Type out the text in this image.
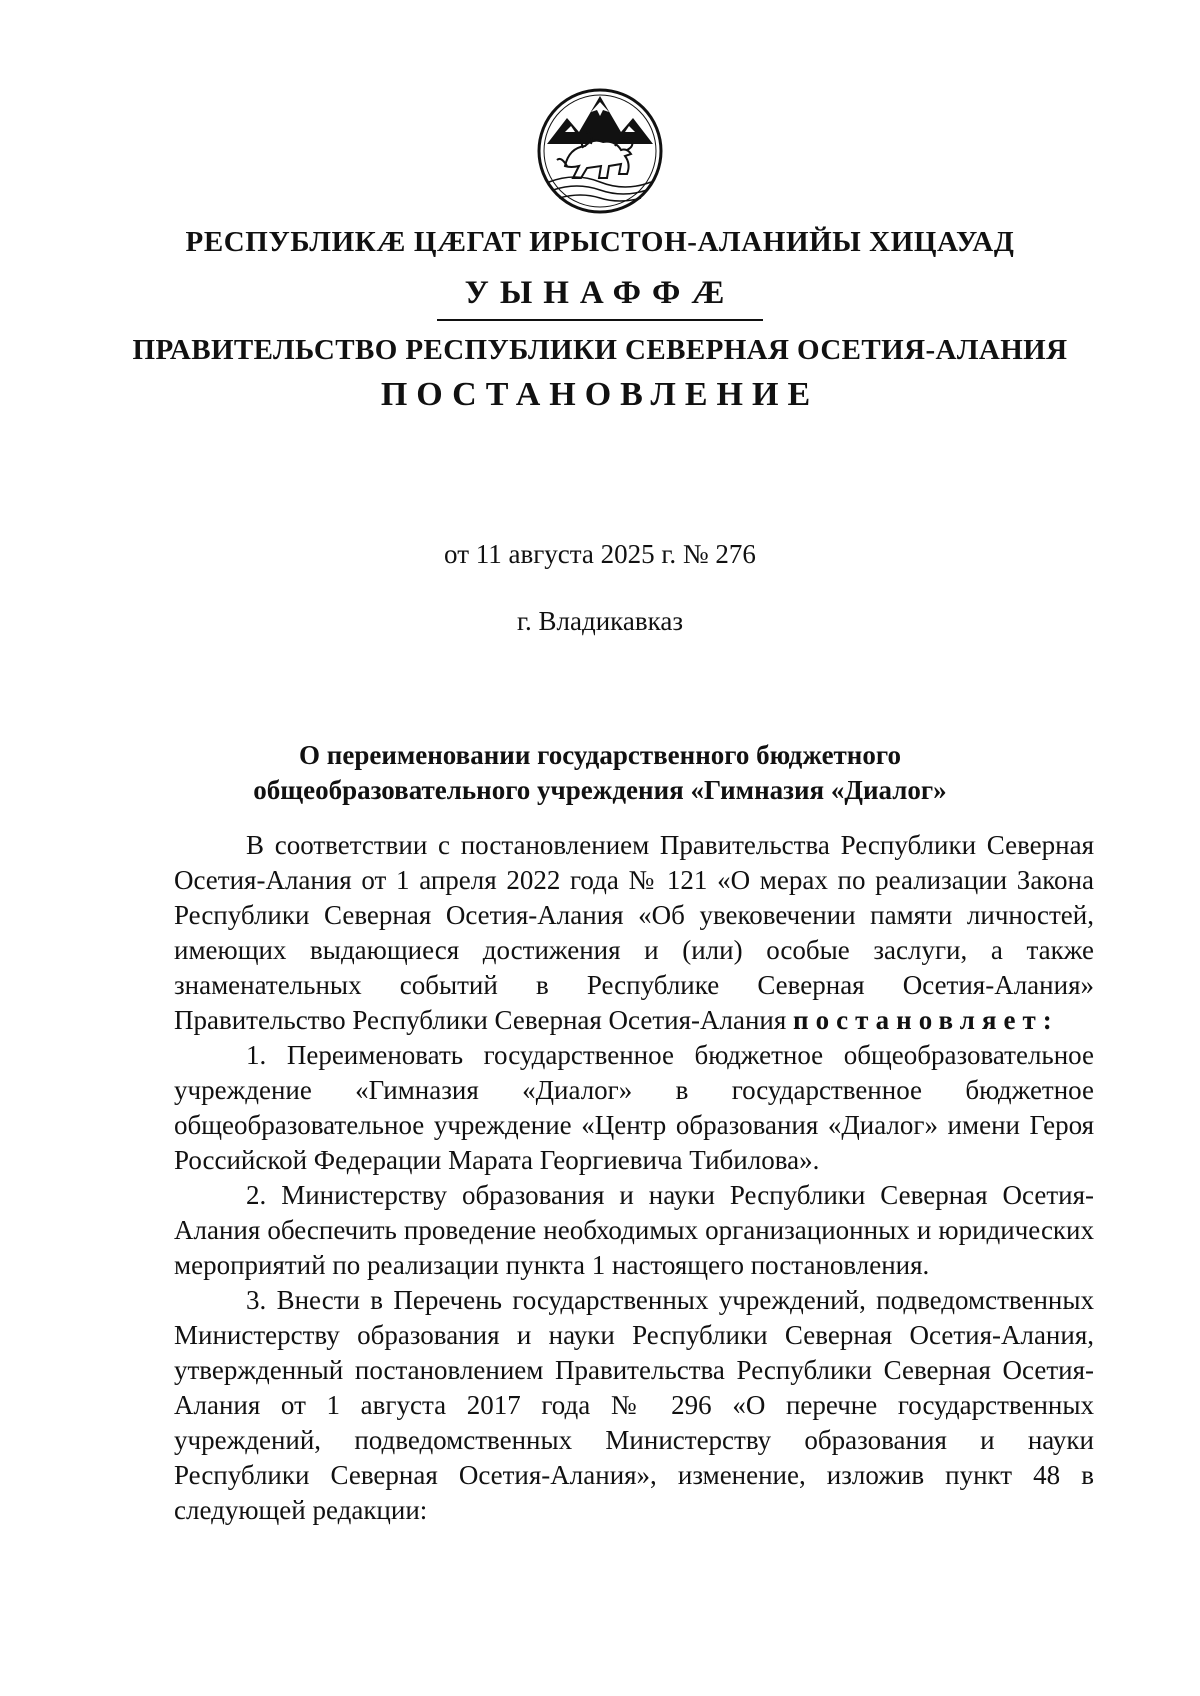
РЕСПУБЛИКӔ ЦӔГАТ ИРЫСТОН-АЛАНИЙЫ ХИЦАУАД
УЫНАФФӔ
ПРАВИТЕЛЬСТВО РЕСПУБЛИКИ СЕВЕРНАЯ ОСЕТИЯ-АЛАНИЯ
ПОСТАНОВЛЕНИЕ
от 11 августа 2025 г. № 276
г. Владикавказ
О переименовании государственного бюджетного
общеобразовательного учреждения «Гимназия «Диалог»

В соответствии с постановлением Правительства Республики Северная Осетия-Алания от 1 апреля 2022 года № 121 «О мерах по реализации Закона Республики Северная Осетия-Алания «Об увековечении памяти личностей, имеющих выдающиеся достижения и (или) особые заслуги, а также знаменательных событий в Республике Северная Осетия-Алания» Правительство Республики Северная Осетия-Алания постановляет:

1. Переименовать государственное бюджетное общеобразовательное учреждение «Гимназия «Диалог» в государственное бюджетное общеобразовательное учреждение «Центр образования «Диалог» имени Героя Российской Федерации Марата Георгиевича Тибилова».

2. Министерству образования и науки Республики Северная Осетия-Алания обеспечить проведение необходимых организационных и юридических мероприятий по реализации пункта 1 настоящего постановления.

3. Внести в Перечень государственных учреждений, подведомственных Министерству образования и науки Республики Северная Осетия-Алания, утвержденный постановлением Правительства Республики Северная Осетия-Алания от 1 августа 2017 года № 296 «О перечне государственных учреждений, подведомственных Министерству образования и науки Республики Северная Осетия-Алания», изменение, изложив пункт 48 в следующей редакции:
